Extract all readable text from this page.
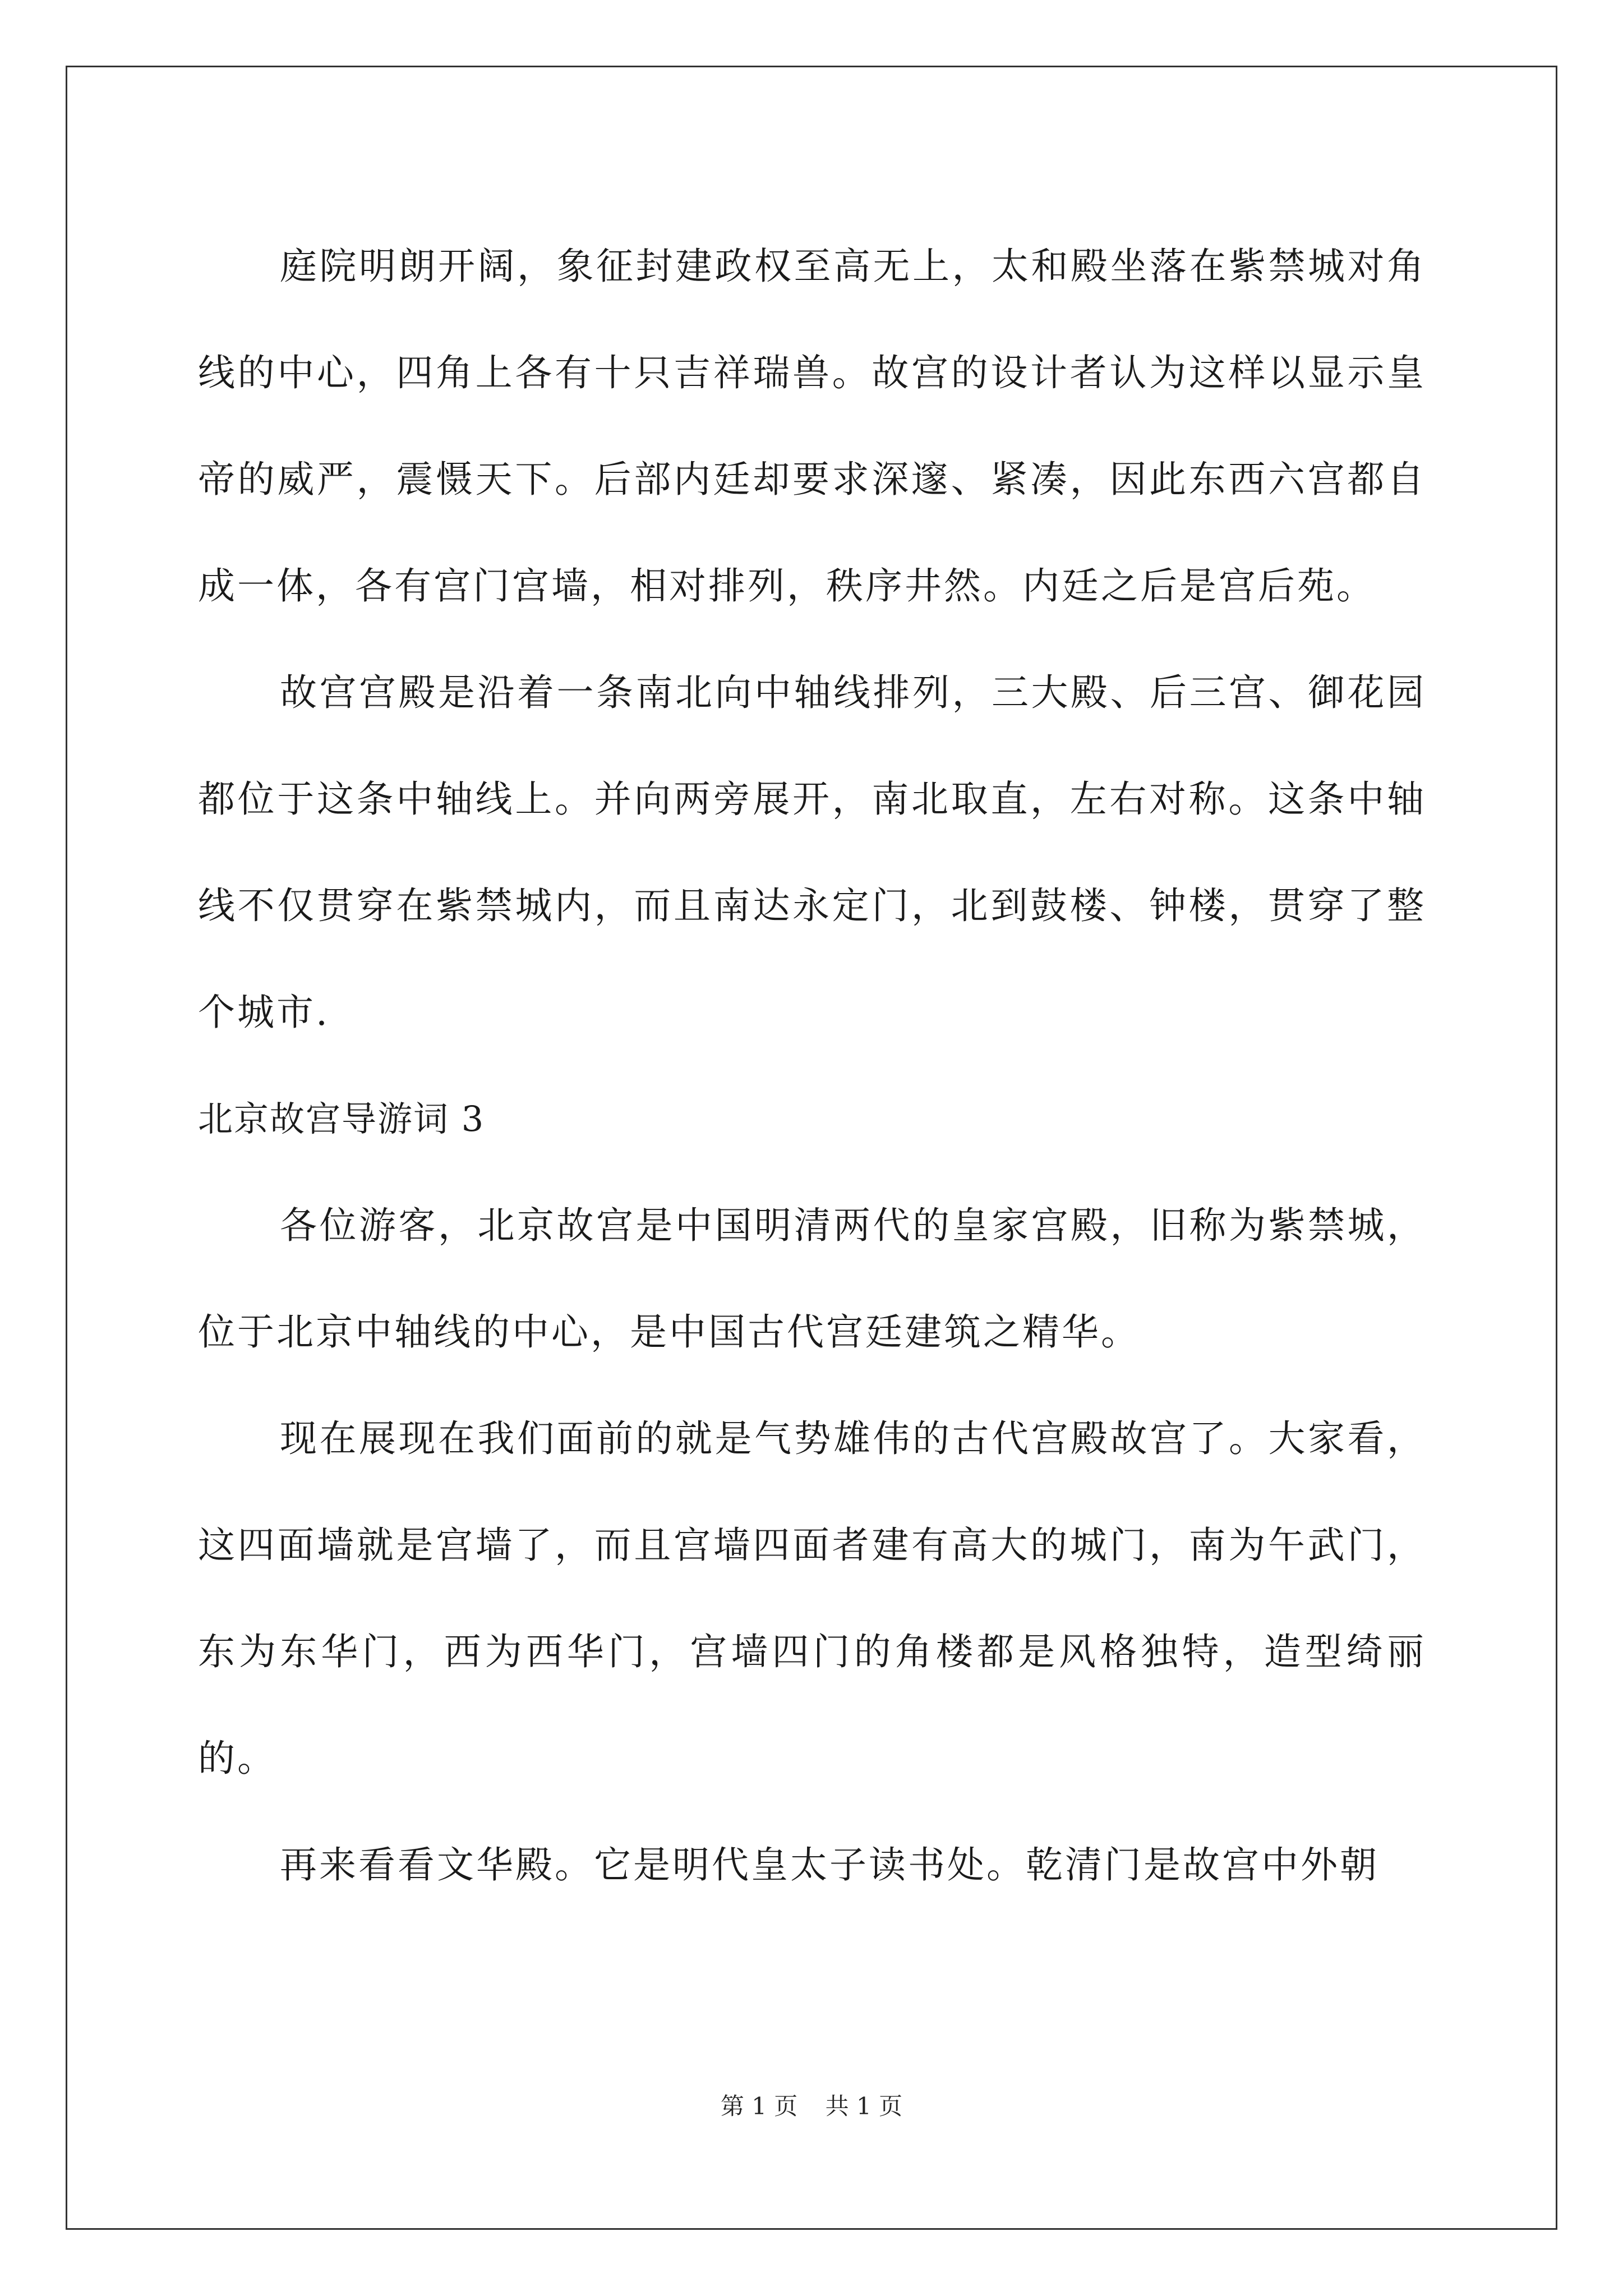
庭院明朗开阔，象征封建政权至高无上，太和殿坐落在紫禁城对角线的中心，四角上各有十只吉祥瑞兽。故宫的设计者认为这样以显示皇帝的威严，震慑天下。后部内廷却要求深邃、紧凑，因此东西六宫都自成一体，各有宫门宫墙，相对排列，秩序井然。内廷之后是宫后苑。

故宫宫殿是沿着一条南北向中轴线排列，三大殿、后三宫、御花园都位于这条中轴线上。并向两旁展开，南北取直，左右对称。这条中轴线不仅贯穿在紫禁城内，而且南达永定门，北到鼓楼、钟楼，贯穿了整个城市.

北京故宫导游词 3

各位游客，北京故宫是中国明清两代的皇家宫殿，旧称为紫禁城，位于北京中轴线的中心，是中国古代宫廷建筑之精华。

现在展现在我们面前的就是气势雄伟的古代宫殿故宫了。大家看，这四面墙就是宫墙了，而且宫墙四面者建有高大的城门，南为午武门，东为东华门，西为西华门，宫墙四门的角楼都是风格独特，造型绮丽的。

再来看看文华殿。它是明代皇太子读书处。乾清门是故宫中外朝

第 1 页 共 1 页
